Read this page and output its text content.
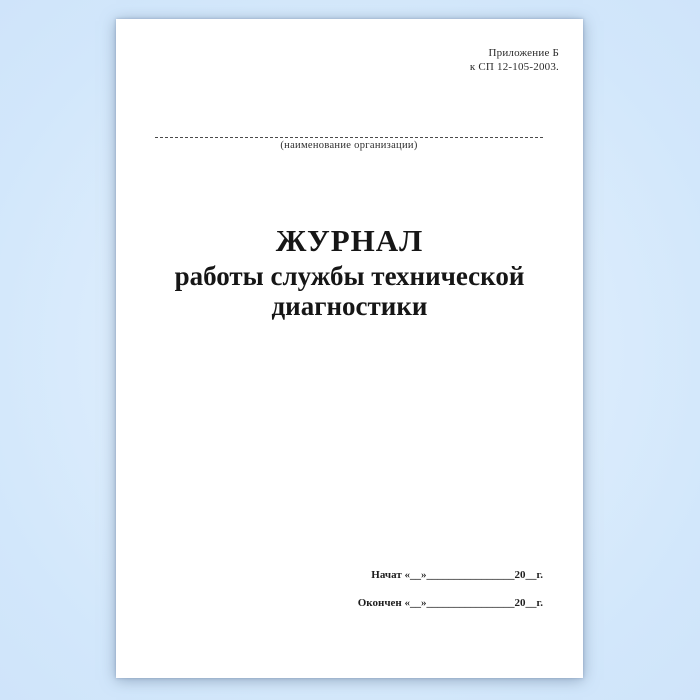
Приложение Б
к СП 12-105-2003.
(наименование организации)
ЖУРНАЛ
работы службы технической
диагностики
Начат «__»________________20__г.
Окончен «__»________________20__г.
